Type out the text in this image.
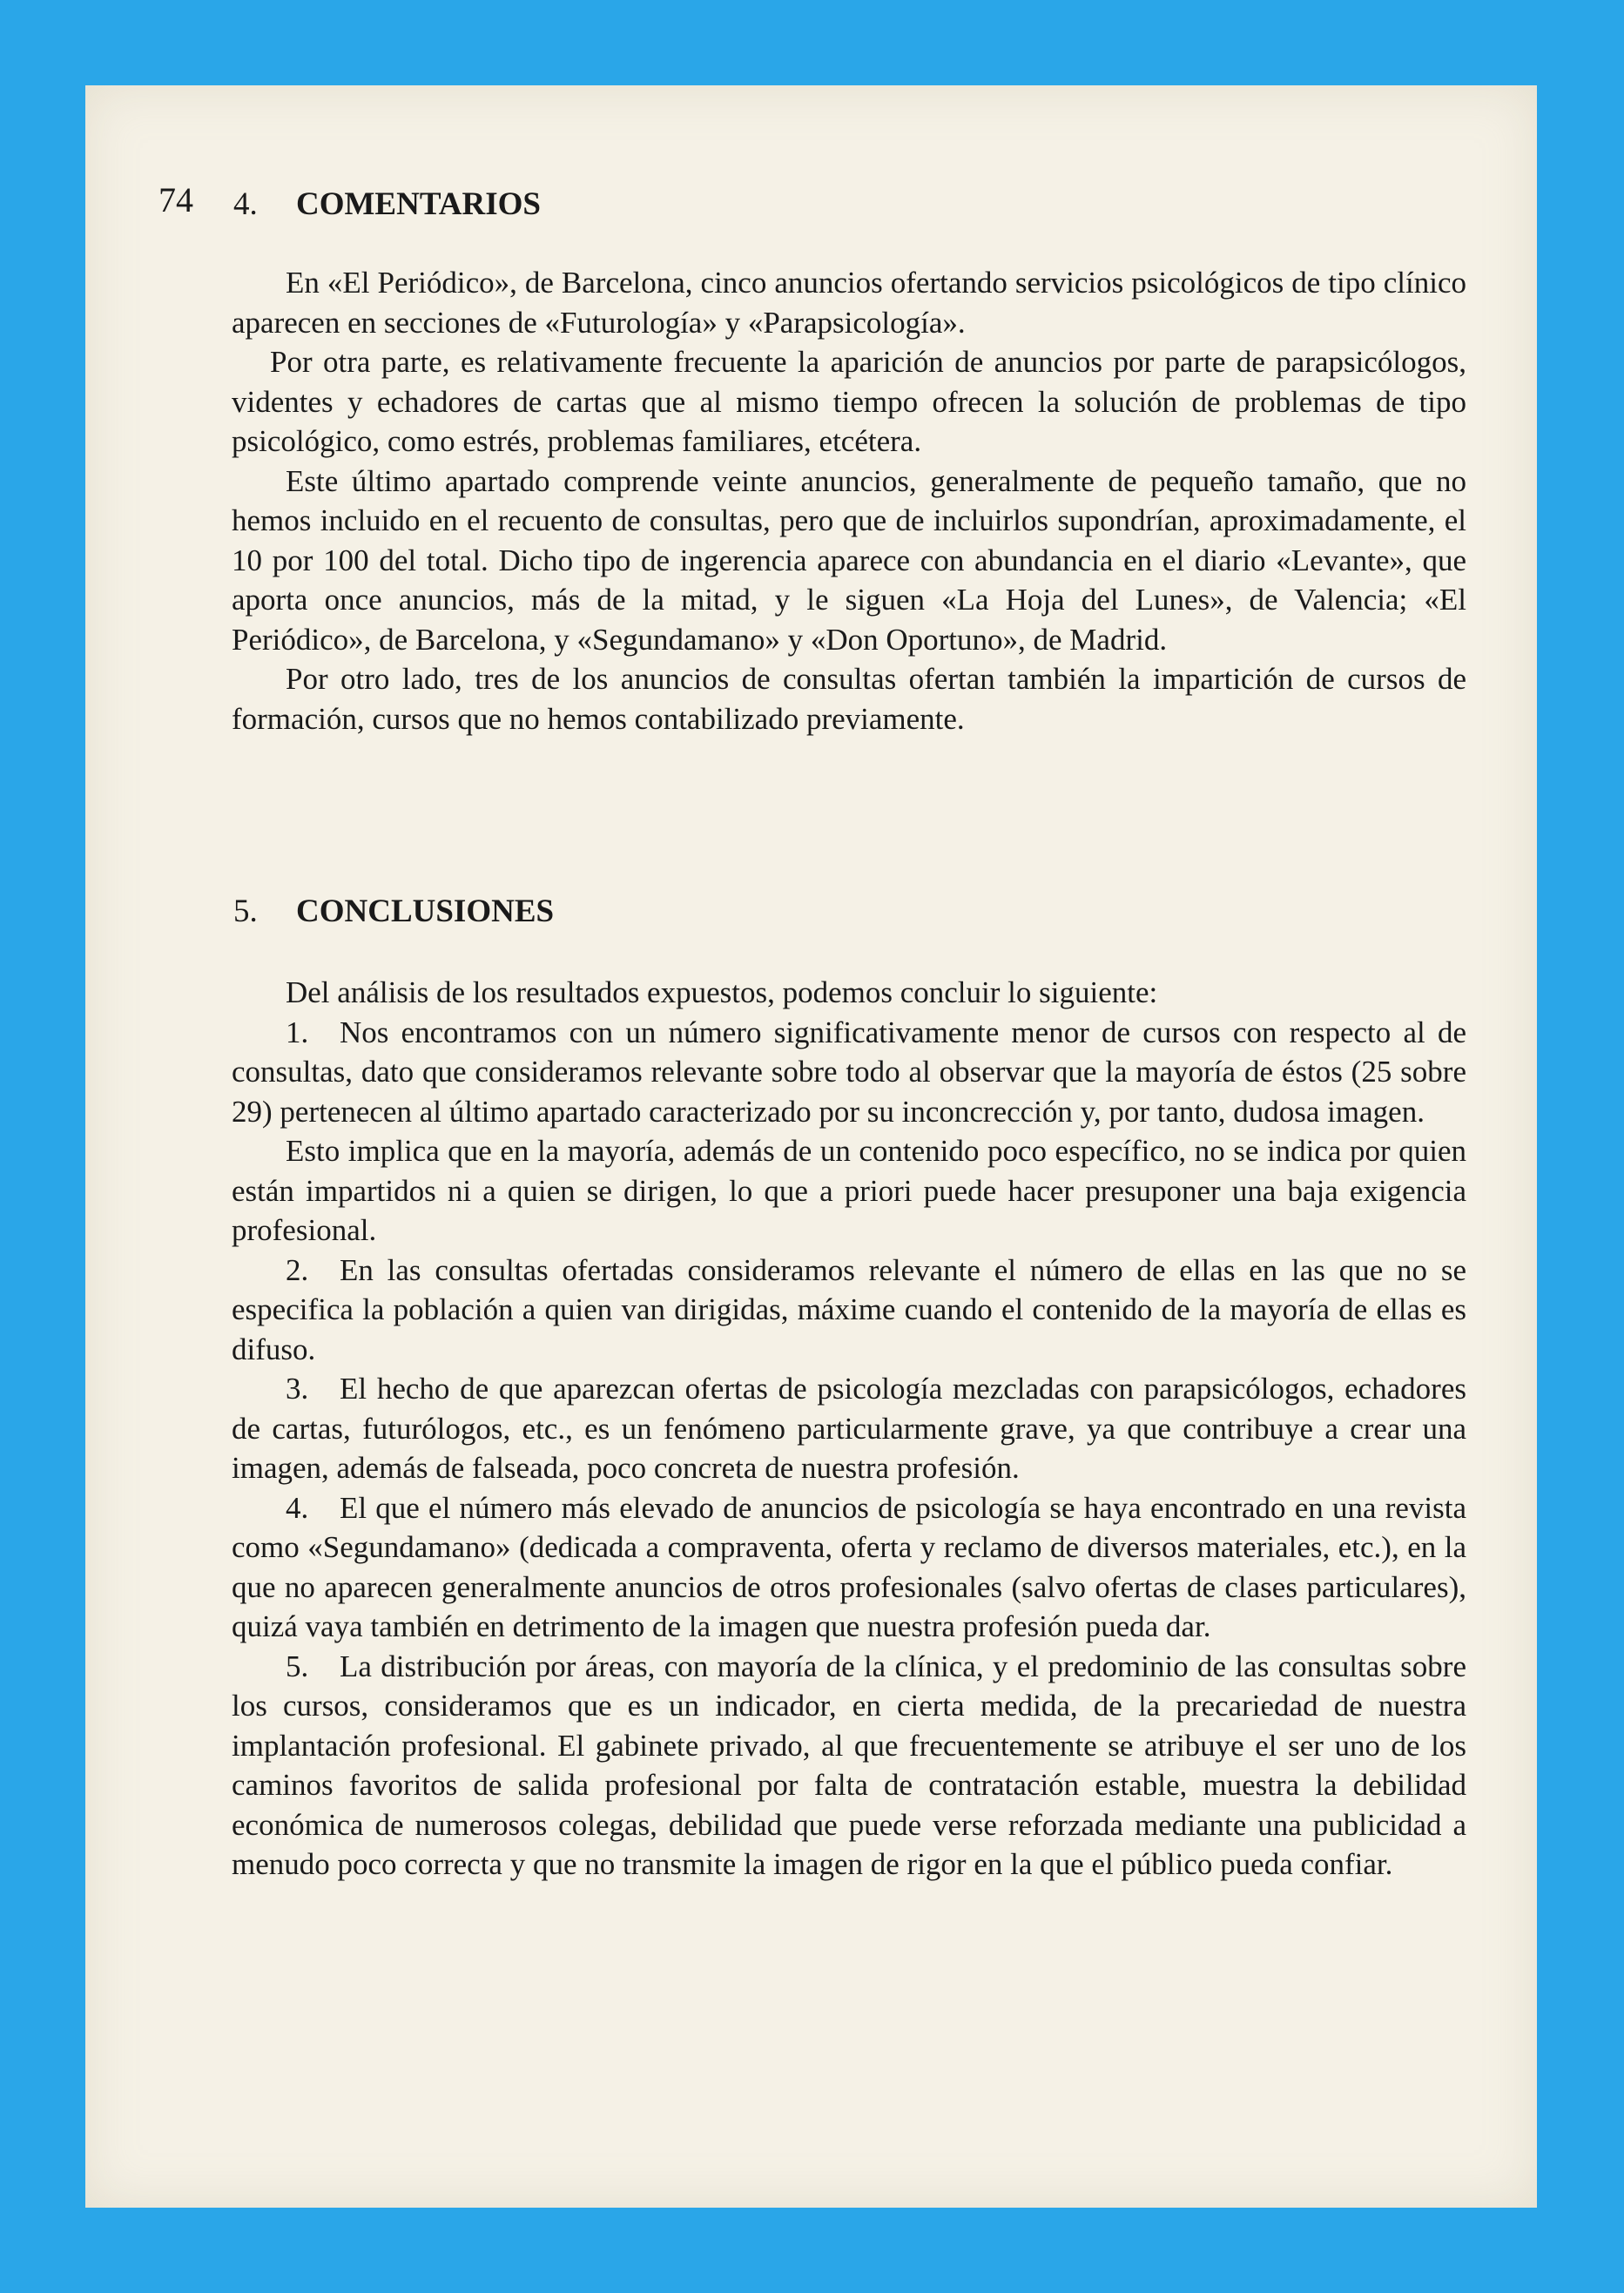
74 4. COMENTARIOS

En «El Periódico», de Barcelona, cinco anuncios ofertando servicios psicológicos de tipo clínico aparecen en secciones de «Futurología» y «Parapsicología».

Por otra parte, es relativamente frecuente la aparición de anuncios por parte de parapsicólogos, videntes y echadores de cartas que al mismo tiempo ofrecen la solución de problemas de tipo psicológico, como estrés, problemas familiares, etcétera.

Este último apartado comprende veinte anuncios, generalmente de pequeño tamaño, que no hemos incluido en el recuento de consultas, pero que de incluirlos supondrían, aproximadamente, el 10 por 100 del total. Dicho tipo de ingerencia aparece con abundancia en el diario «Levante», que aporta once anuncios, más de la mitad, y le siguen «La Hoja del Lunes», de Valencia; «El Periódico», de Barcelona, y «Segundamano» y «Don Oportuno», de Madrid.

Por otro lado, tres de los anuncios de consultas ofertan también la impartición de cursos de formación, cursos que no hemos contabilizado previamente.

5. CONCLUSIONES

Del análisis de los resultados expuestos, podemos concluir lo siguiente:

1. Nos encontramos con un número significativamente menor de cursos con respecto al de consultas, dato que consideramos relevante sobre todo al observar que la mayoría de éstos (25 sobre 29) pertenecen al último apartado caracterizado por su inconcrección y, por tanto, dudosa imagen.

Esto implica que en la mayoría, además de un contenido poco específico, no se indica por quien están impartidos ni a quien se dirigen, lo que a priori puede hacer presuponer una baja exigencia profesional.

2. En las consultas ofertadas consideramos relevante el número de ellas en las que no se especifica la población a quien van dirigidas, máxime cuando el contenido de la mayoría de ellas es difuso.

3. El hecho de que aparezcan ofertas de psicología mezcladas con parapsicólogos, echadores de cartas, futurólogos, etc., es un fenómeno particularmente grave, ya que contribuye a crear una imagen, además de falseada, poco concreta de nuestra profesión.

4. El que el número más elevado de anuncios de psicología se haya encontrado en una revista como «Segundamano» (dedicada a compraventa, oferta y reclamo de diversos materiales, etc.), en la que no aparecen generalmente anuncios de otros profesionales (salvo ofertas de clases particulares), quizá vaya también en detrimento de la imagen que nuestra profesión pueda dar.

5. La distribución por áreas, con mayoría de la clínica, y el predominio de las consultas sobre los cursos, consideramos que es un indicador, en cierta medida, de la precariedad de nuestra implantación profesional. El gabinete privado, al que frecuentemente se atribuye el ser uno de los caminos favoritos de salida profesional por falta de contratación estable, muestra la debilidad económica de numerosos colegas, debilidad que puede verse reforzada mediante una publicidad a menudo poco correcta y que no transmite la imagen de rigor en la que el público pueda confiar.
